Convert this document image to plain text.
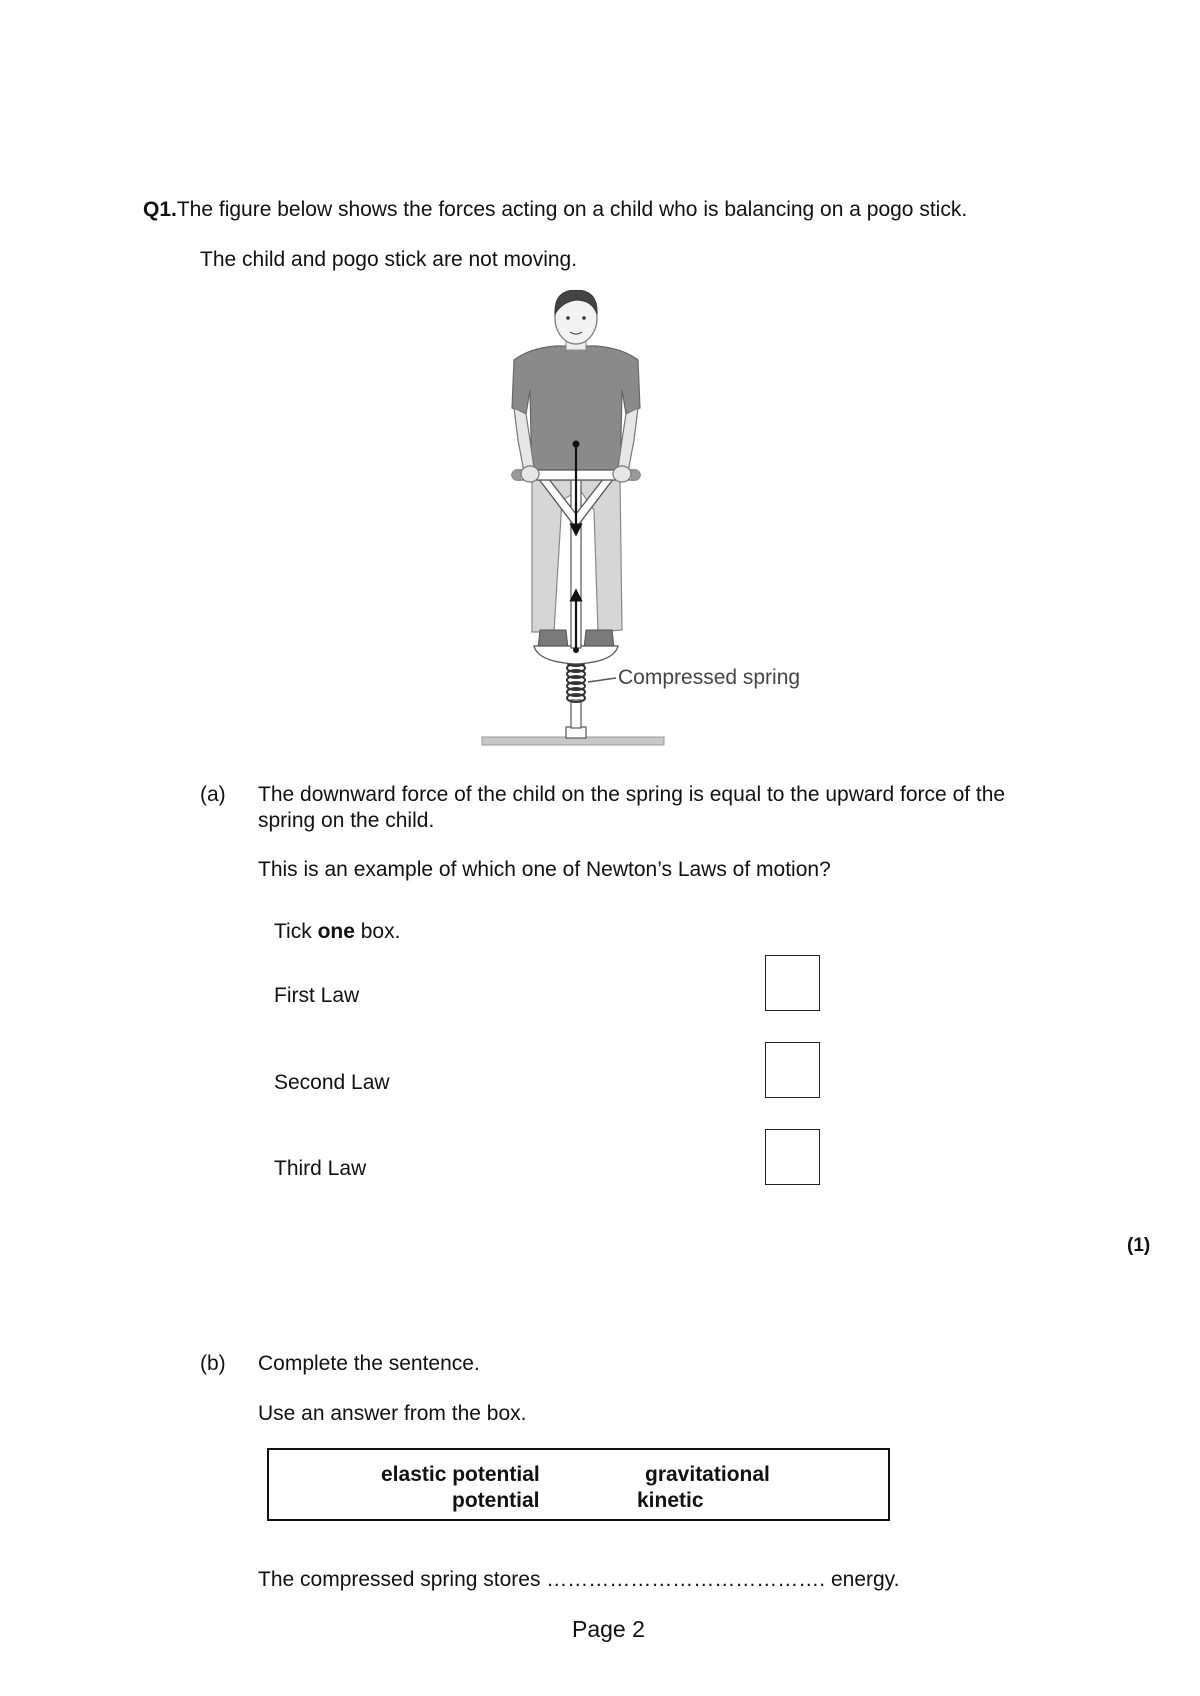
Q1.The figure below shows the forces acting on a child who is balancing on a pogo stick.
The child and pogo stick are not moving.
Compressed spring
(a) The downward force of the child on the spring is equal to the upward force of the
spring on the child.
This is an example of which one of Newton’s Laws of motion?
Tick one box.
First Law
Second Law
Third Law
(1)
(b) Complete the sentence.
Use an answer from the box.
elastic potential	gravitational
potential	kinetic
The compressed spring stores …………………………………. energy.
Page 2
